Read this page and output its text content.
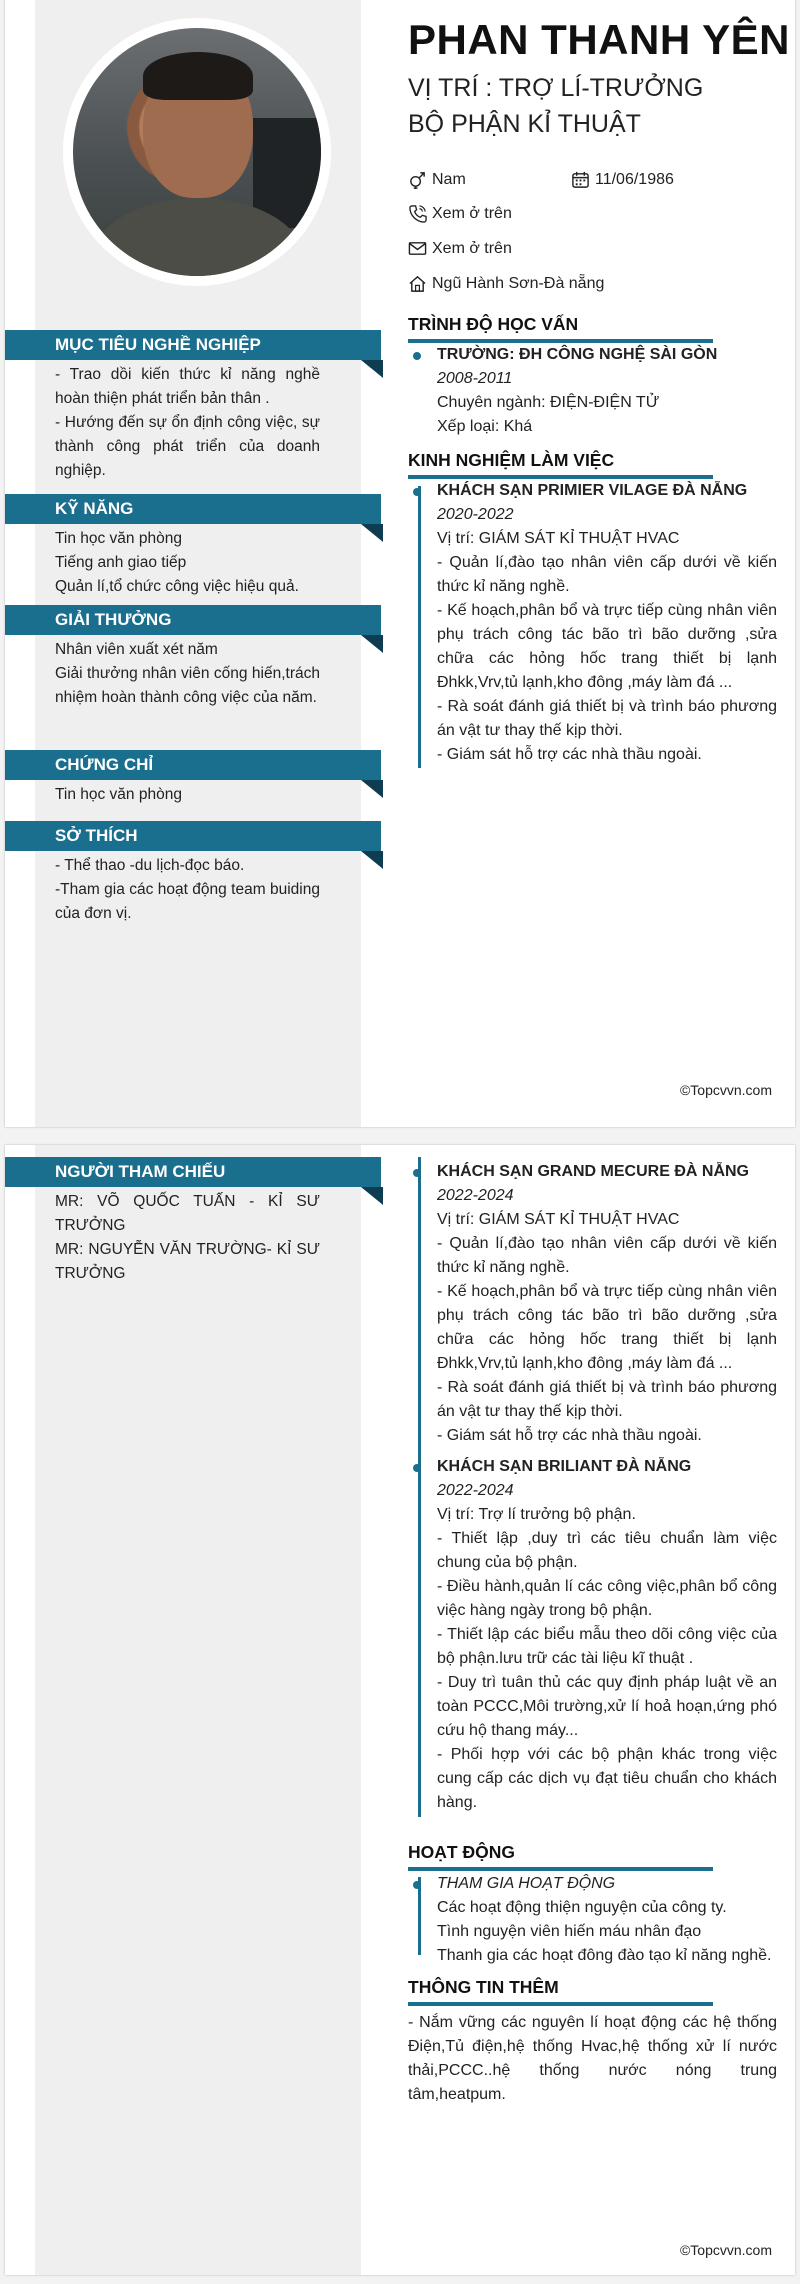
MỤC TIÊU NGHỀ NGHIỆP
- Trao dồi kiến thức kỉ năng nghề hoàn thiện phát triển bản thân .
- Hướng đến sự ổn định công việc, sự thành công phát triển của doanh nghiệp.
KỸ NĂNG
Tin học văn phòng
Tiếng anh giao tiếp
Quản lí,tổ chức công việc hiệu quả.
GIẢI THƯỞNG
Nhân viên xuất xét năm
Giải thưởng nhân viên cống hiến,trách nhiệm hoàn thành công việc của năm.
CHỨNG CHỈ
Tin học văn phòng
SỞ THÍCH
- Thể thao -du lịch-đọc báo.
-Tham gia các hoạt động team buiding của đơn vị.
PHAN THANH YÊN
VỊ TRÍ : TRỢ LÍ-TRƯỞNG BỘ PHẬN KỈ THUẬT
Nam	11/06/1986
Xem ở trên
Xem ở trên
Ngũ Hành Sơn-Đà nẵng
TRÌNH ĐỘ HỌC VẤN
TRƯỜNG: ĐH CÔNG NGHỆ SÀI GÒN
2008-2011
Chuyên ngành: ĐIỆN-ĐIỆN TỬ
Xếp loại: Khá
KINH NGHIỆM LÀM VIỆC
KHÁCH SẠN PRIMIER VILAGE ĐÀ NẴNG
2020-2022
Vị trí: GIÁM SÁT KỈ THUẬT HVAC
- Quản lí,đào tạo nhân viên cấp dưới về kiến thức kỉ năng nghề.
- Kế hoạch,phân bổ và trực tiếp cùng nhân viên phụ trách công tác bão trì bão dưỡng ,sửa chữa các hỏng hốc trang thiết bị lạnh Đhkk,Vrv,tủ lạnh,kho đông ,máy làm đá ...
- Rà soát đánh giá thiết bị và trình báo phương án vật tư thay thế kịp thời.
- Giám sát hỗ trợ các nhà thầu ngoài.
©Topcvvn.com
NGƯỜI THAM CHIẾU
MR: VÕ QUỐC TUẤN - KỈ SƯ TRƯỞNG
MR: NGUYỄN VĂN TRƯỜNG- KỈ SƯ TRƯỞNG
KHÁCH SẠN GRAND MECURE ĐÀ NẴNG
2022-2024
Vị trí: GIÁM SÁT KỈ THUẬT HVAC
- Quản lí,đào tạo nhân viên cấp dưới về kiến thức kỉ năng nghề.
- Kế hoạch,phân bổ và trực tiếp cùng nhân viên phụ trách công tác bão trì bão dưỡng ,sửa chữa các hỏng hốc trang thiết bị lạnh Đhkk,Vrv,tủ lạnh,kho đông ,máy làm đá ...
- Rà soát đánh giá thiết bị và trình báo phương án vật tư thay thế kịp thời.
- Giám sát hỗ trợ các nhà thầu ngoài.
KHÁCH SẠN BRILIANT ĐÀ NẴNG
2022-2024
Vị trí: Trợ lí trưởng bộ phận.
- Thiết lập ,duy trì các tiêu chuẩn làm việc chung của bộ phận.
- Điều hành,quản lí các công việc,phân bổ công việc hàng ngày trong bộ phận.
- Thiết lập các biểu mẫu theo dõi công việc của bộ phận.lưu trữ các tài liệu kĩ thuật .
- Duy trì tuân thủ các quy định pháp luật về an toàn PCCC,Môi trường,xử lí hoả hoạn,ứng phó cứu hộ thang máy...
- Phối hợp với các bộ phận khác trong việc cung cấp các dịch vụ đạt tiêu chuẩn cho khách hàng.
HOẠT ĐỘNG
THAM GIA HOẠT ĐỘNG
Các hoạt động thiện nguyện của công ty.
Tình nguyện viên hiến máu nhân đạo
Thanh gia các hoạt đông đào tạo kỉ năng nghề.
THÔNG TIN THÊM
- Nắm vững các nguyên lí hoạt động các hệ thống Điện,Tủ điện,hệ thống Hvac,hệ thống xử lí nước thải,PCCC..hệ thống nước nóng trung tâm,heatpum.
©Topcvvn.com
